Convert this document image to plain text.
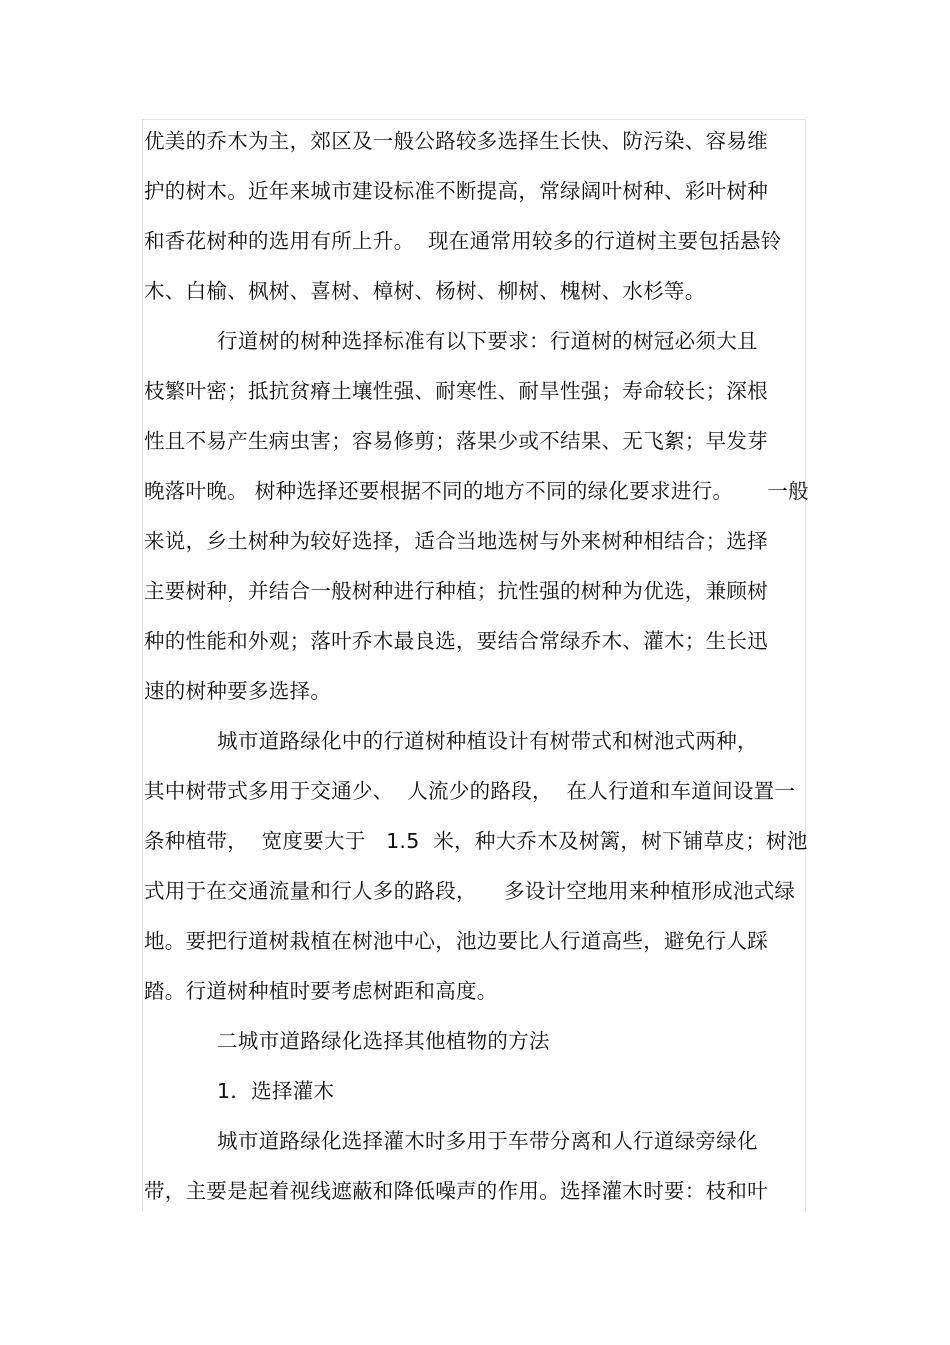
优美的乔木为主，郊区及一般公路较多选择生长快、防污染、容易维
护的树木。近年来城市建设标准不断提高，常绿阔叶树种、彩叶树种
和香花树种的选用有所上升。  现在通常用较多的行道树主要包括悬铃
木、白榆、枫树、喜树、樟树、杨树、柳树、槐树、水杉等。
行道树的树种选择标准有以下要求：行道树的树冠必须大且
枝繁叶密；抵抗贫瘠土壤性强、耐寒性、耐旱性强；寿命较长；深根
性且不易产生病虫害；容易修剪；落果少或不结果、无飞絮；早发芽
晚落叶晚。 树种选择还要根据不同的地方不同的绿化要求进行。     一般
来说，乡土树种为较好选择，适合当地选树与外来树种相结合；选择
主要树种，并结合一般树种进行种植；抗性强的树种为优选，兼顾树
种的性能和外观；落叶乔木最良选，要结合常绿乔木、灌木；生长迅
速的树种要多选择。
城市道路绿化中的行道树种植设计有树带式和树池式两种，
其中树带式多用于交通少、  人流少的路段，  在人行道和车道间设置一
条种植带，  宽度要大于   1.5  米，种大乔木及树篱，树下铺草皮；树池
式用于在交通流量和行人多的路段，    多设计空地用来种植形成池式绿
地。要把行道树栽植在树池中心，池边要比人行道高些，避免行人踩
踏。行道树种植时要考虑树距和高度。
二城市道路绿化选择其他植物的方法
1．选择灌木
城市道路绿化选择灌木时多用于车带分离和人行道绿旁绿化
带，主要是起着视线遮蔽和降低噪声的作用。选择灌木时要：枝和叶
